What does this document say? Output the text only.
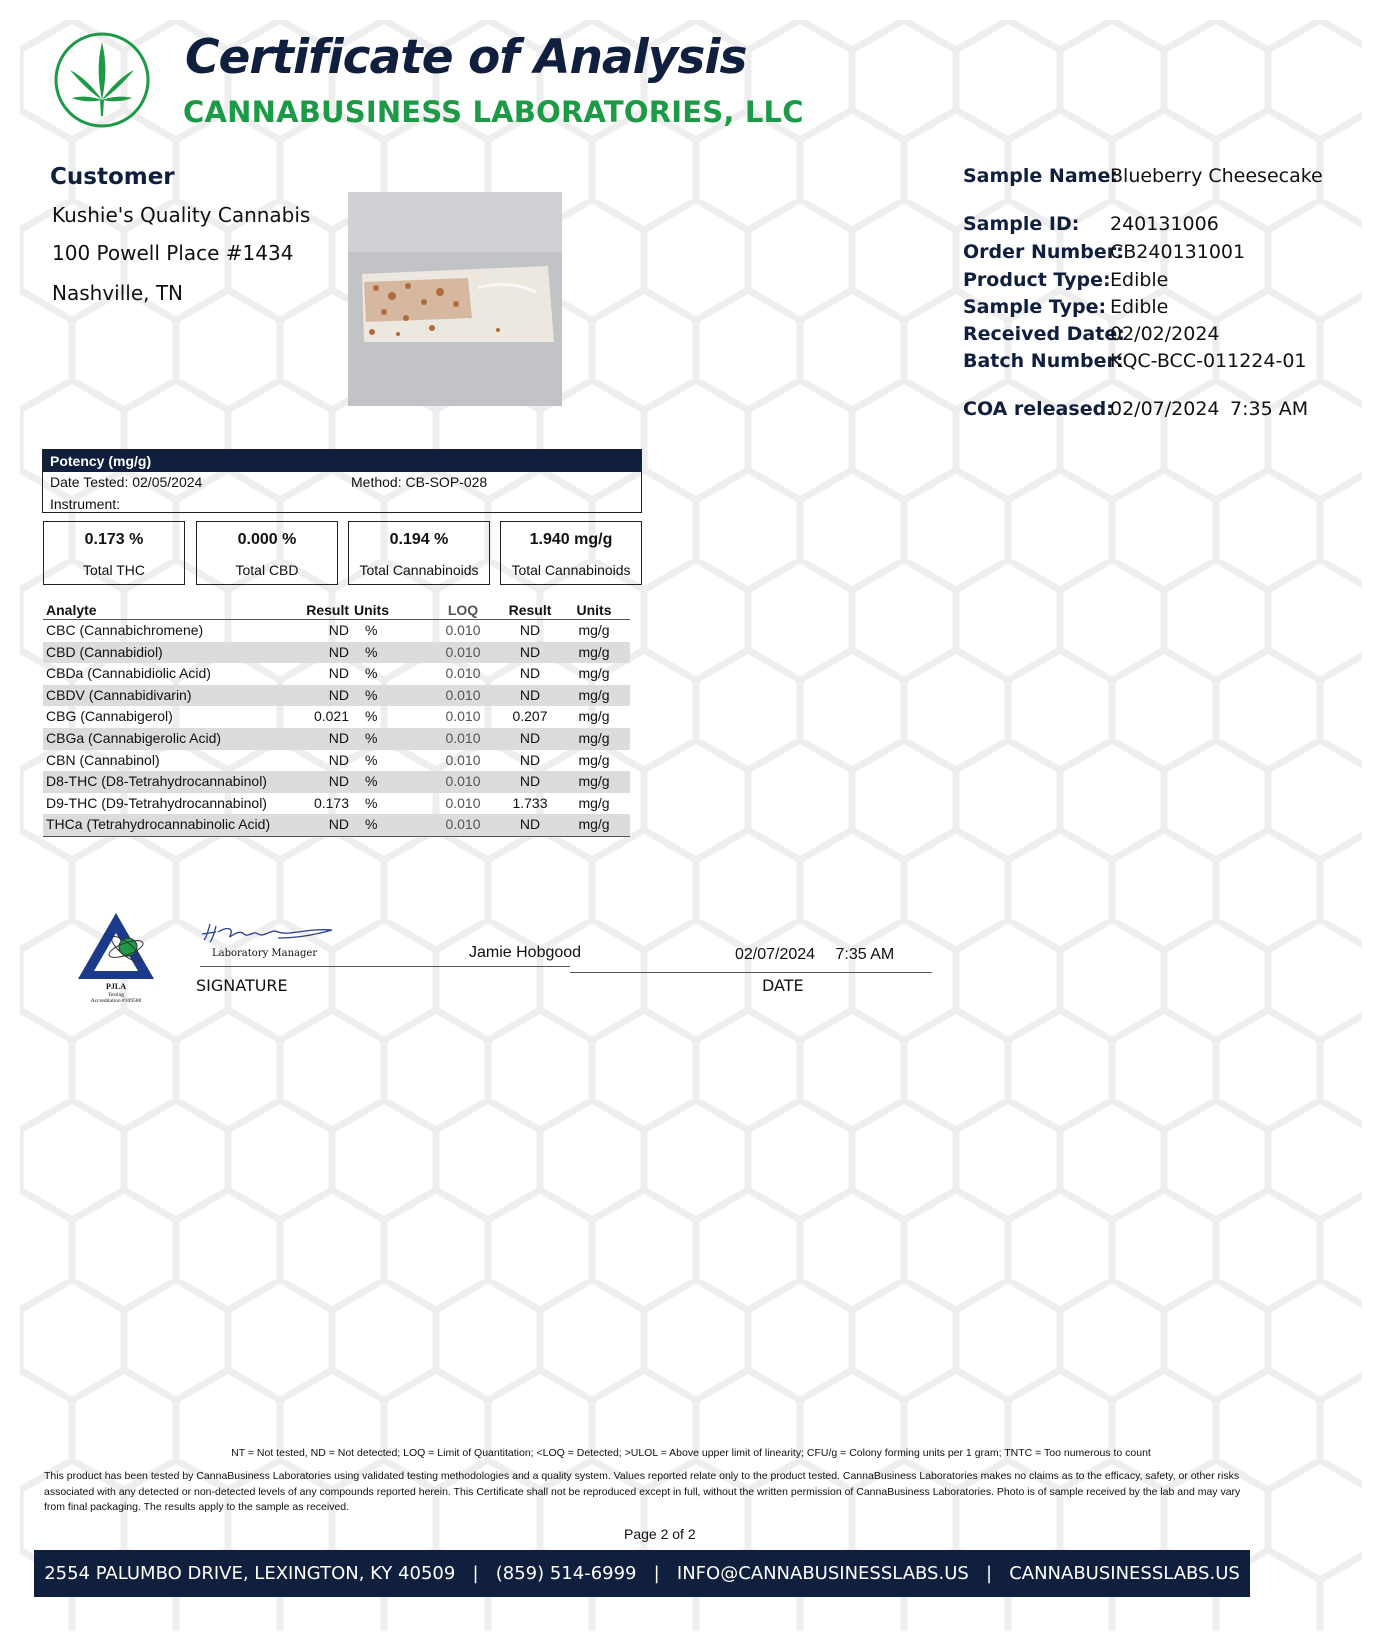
Certificate of Analysis
CANNABUSINESS LABORATORIES, LLC
Customer
Kushie's Quality Cannabis
100 Powell Place #1434
Nashville, TN
Sample Name:
Blueberry Cheesecake
Sample ID: 240131006
Order Number:
CB240131001
Product Type: Edible
Sample Type: Edible
Received Date:
02/02/2024
Batch Number:
KQC-BCC-011224-01
COA released:
02/07/2024 7:35 AM
Potency (mg/g)
Date Tested: 02/05/2024	Method: CB-SOP-028
Instrument:
0.173 %
Total THC
0.000 %
Total CBD
0.194 %
Total Cannabinoids
1.940 mg/g
Total Cannabinoids
Analyte	Result Units	LOQ	Result	Units
CBC (Cannabichromene)	ND %	0.010	ND	mg/g
CBD (Cannabidiol)	ND %	0.010	ND	mg/g
CBDa (Cannabidiolic Acid)	ND %	0.010	ND	mg/g
CBDV (Cannabidivarin)	ND %	0.010	ND	mg/g
CBG (Cannabigerol)	0.021 %	0.010	0.207	mg/g
CBGa (Cannabigerolic Acid)	ND %	0.010	ND	mg/g
CBN (Cannabinol)	ND %	0.010	ND	mg/g
D8-THC (D8-Tetrahydrocannabinol)	ND %	0.010	ND	mg/g
D9-THC (D9-Tetrahydrocannabinol)	0.173 %	0.010	1.733	mg/g
THCa (Tetrahydrocannabinolic Acid)	ND %	0.010	ND	mg/g
PJLA
Testing
Accreditation #109588
Laboratory Manager	Jamie Hobgood	02/07/2024 7:35 AM
SIGNATURE	DATE
NT = Not tested, ND = Not detected; LOQ = Limit of Quantitation; <LOQ = Detected; >ULOL = Above upper limit of linearity; CFU/g = Colony forming units per 1 gram; TNTC = Too numerous to count
This product has been tested by CannaBusiness Laboratories using validated testing methodologies and a quality system. Values reported relate only to the product tested. CannaBusiness Laboratories makes no claims as to the efficacy, safety, or other risks associated with any detected or non-detected levels of any compounds reported herein. This Certificate shall not be reproduced except in full, without the written permission of CannaBusiness Laboratories. Photo is of sample received by the lab and may vary from final packaging. The results apply to the sample as received.
Page 2 of 2
2554 PALUMBO DRIVE, LEXINGTON, KY 40509   |   (859) 514-6999   |   INFO@CANNABUSINESSLABS.US   |   CANNABUSINESSLABS.US
